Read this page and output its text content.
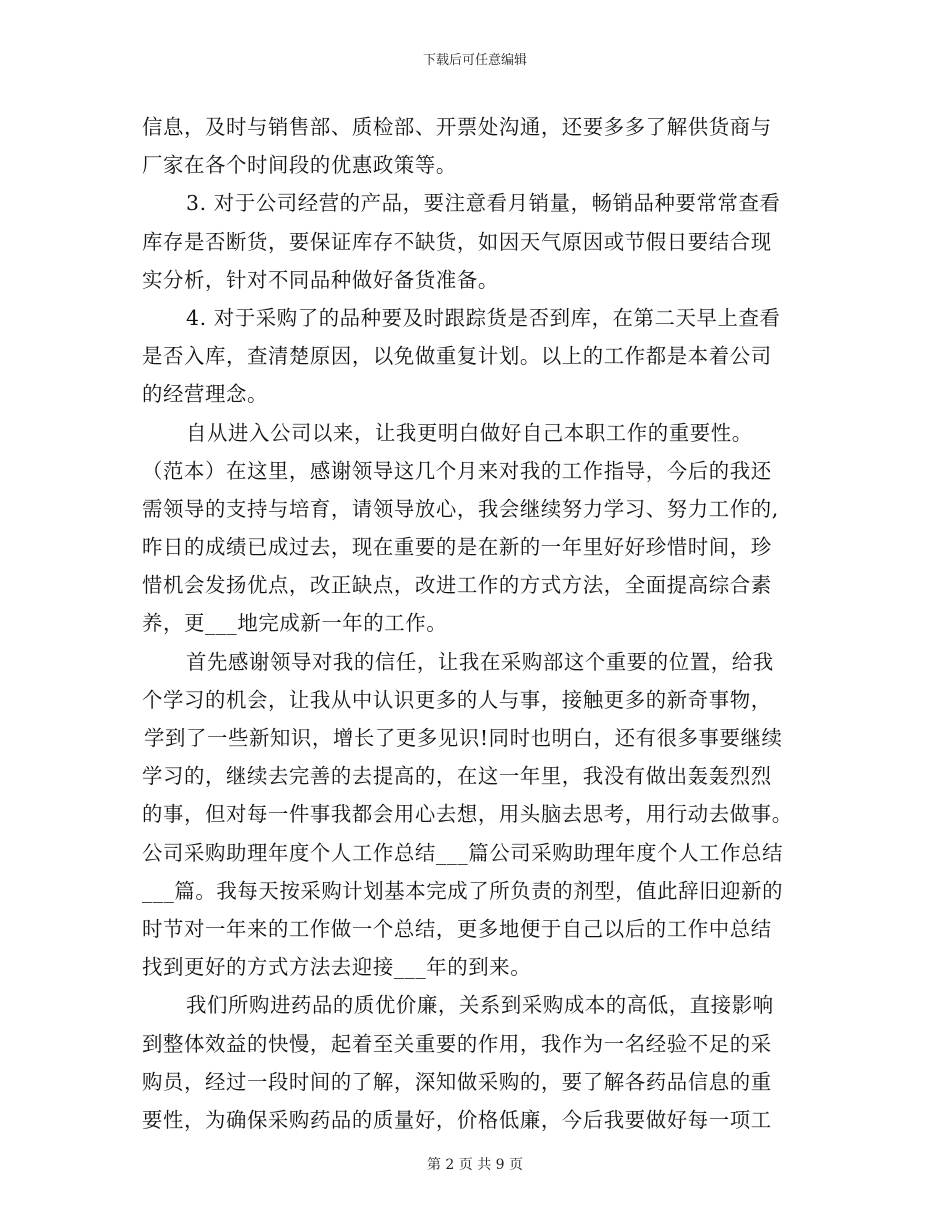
下载后可任意编辑
信息，及时与销售部、质检部、开票处沟通，还要多多了解供货商与
厂家在各个时间段的优惠政策等。
3. 对于公司经营的产品，要注意看月销量，畅销品种要常常查看
库存是否断货，要保证库存不缺货，如因天气原因或节假日要结合现
实分析，针对不同品种做好备货准备。
4. 对于采购了的品种要及时跟踪货是否到库，在第二天早上查看
是否入库，查清楚原因，以免做重复计划。以上的工作都是本着公司
的经营理念。
自从进入公司以来，让我更明白做好自己本职工作的重要性。
（范本）在这里，感谢领导这几个月来对我的工作指导，今后的我还
需领导的支持与培育，请领导放心，我会继续努力学习、努力工作的,
昨日的成绩已成过去，现在重要的是在新的一年里好好珍惜时间，珍
惜机会发扬优点，改正缺点，改进工作的方式方法，全面提高综合素
养，更___地完成新一年的工作。
首先感谢领导对我的信任，让我在采购部这个重要的位置，给我
个学习的机会，让我从中认识更多的人与事，接触更多的新奇事物，
学到了一些新知识，增长了更多见识!同时也明白，还有很多事要继续
学习的，继续去完善的去提高的，在这一年里，我没有做出轰轰烈烈
的事，但对每一件事我都会用心去想，用头脑去思考，用行动去做事。
公司采购助理年度个人工作总结___篇公司采购助理年度个人工作总结
___篇。我每天按采购计划基本完成了所负责的剂型，值此辞旧迎新的
时节对一年来的工作做一个总结，更多地便于自己以后的工作中总结
找到更好的方式方法去迎接___年的到来。
我们所购进药品的质优价廉，关系到采购成本的高低，直接影响
到整体效益的快慢，起着至关重要的作用，我作为一名经验不足的采
购员，经过一段时间的了解，深知做采购的，要了解各药品信息的重
要性，为确保采购药品的质量好，价格低廉，今后我要做好每一项工
第 2 页 共 9 页
